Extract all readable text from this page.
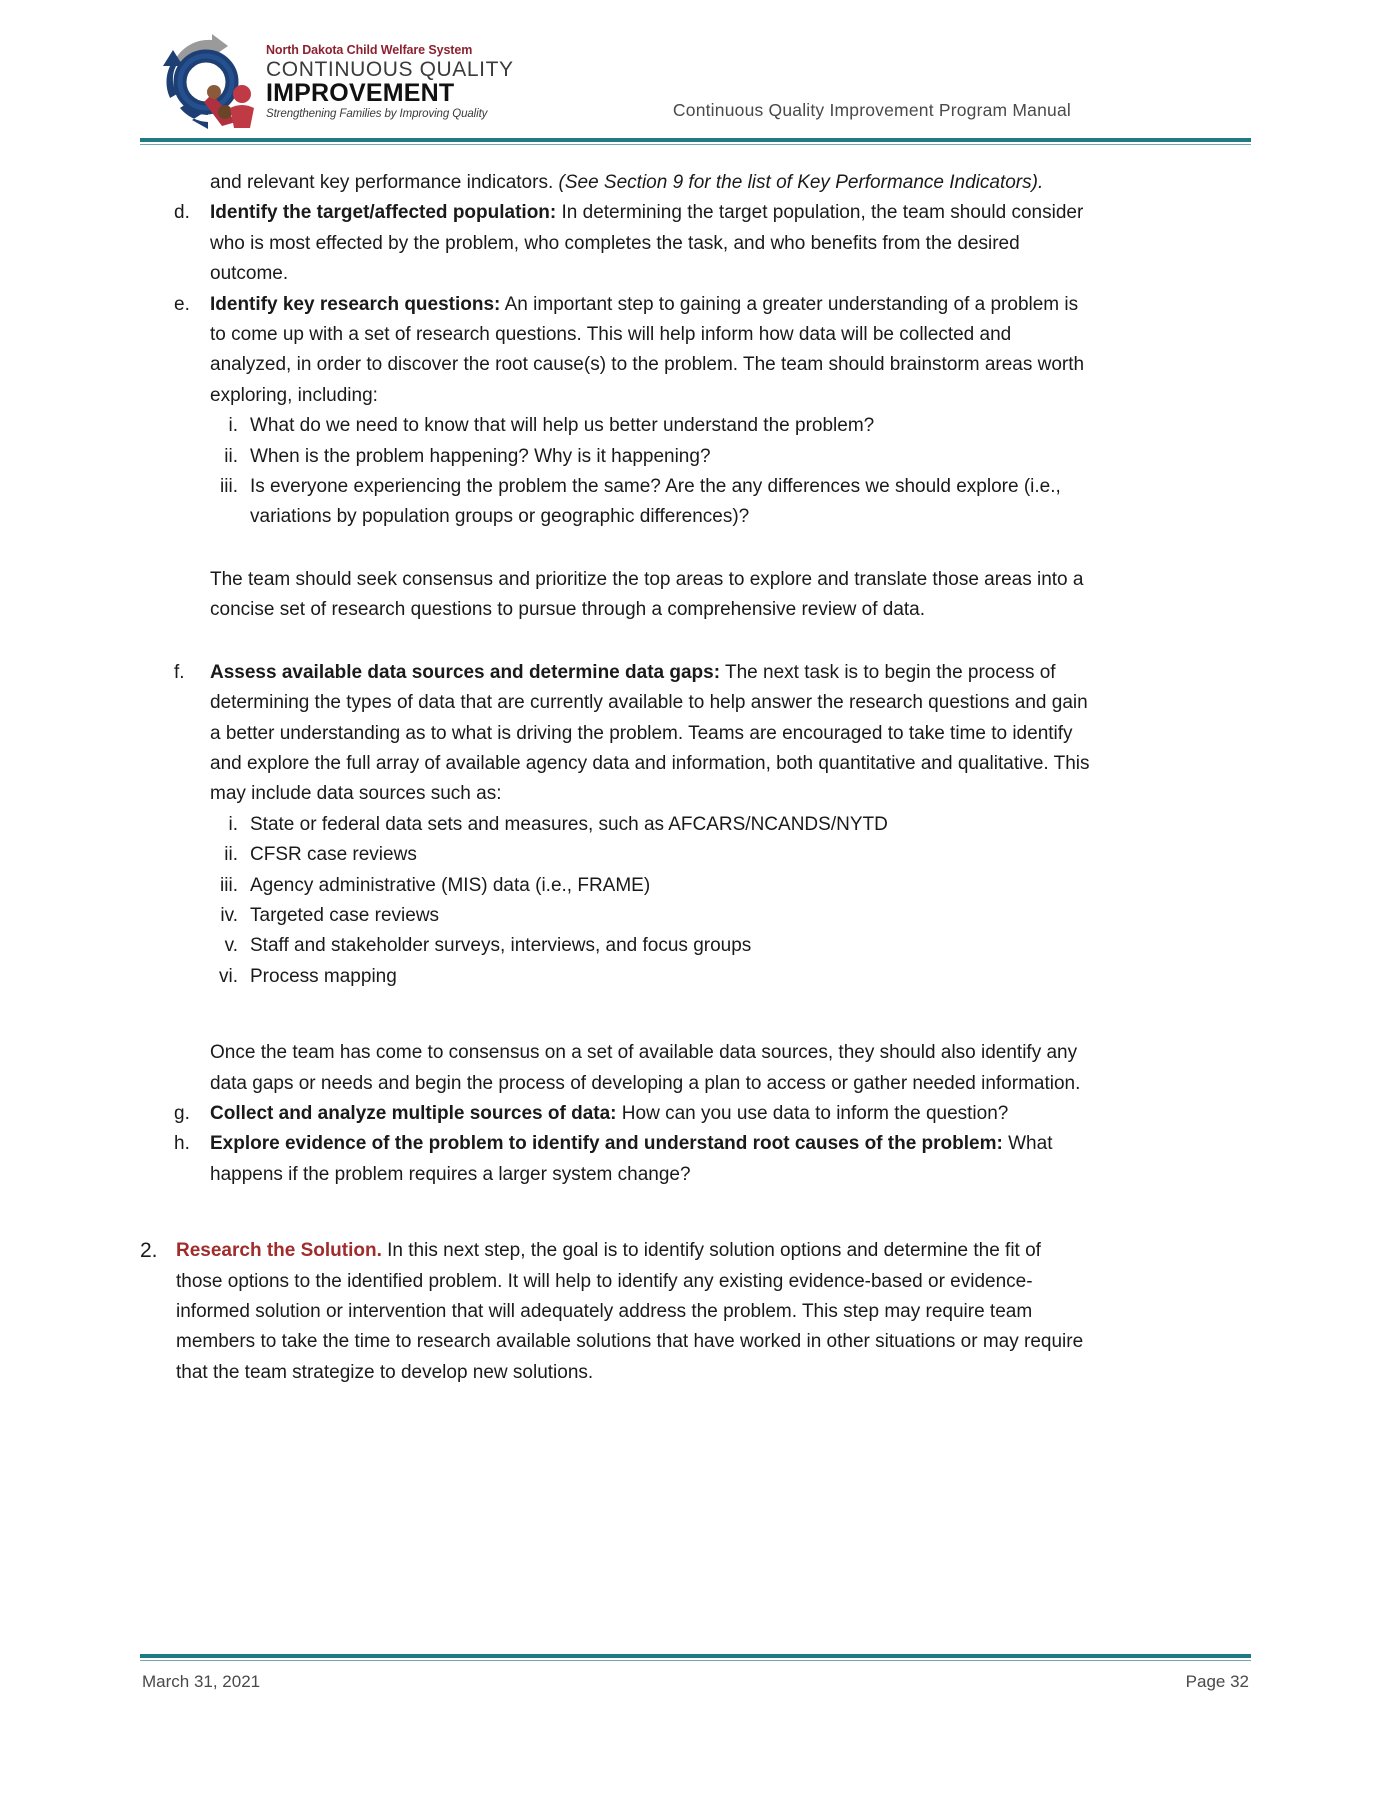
North Dakota Child Welfare System
CONTINUOUS QUALITY
IMPROVEMENT
Strengthening Families by Improving Quality	Continuous Quality Improvement Program Manual

and relevant key performance indicators. (See Section 9 for the list of Key Performance Indicators).

d.	Identify the target/affected population: In determining the target population, the team should consider who is most effected by the problem, who completes the task, and who benefits from the desired outcome.
e.	Identify key research questions: An important step to gaining a greater understanding of a problem is to come up with a set of research questions. This will help inform how data will be collected and analyzed, in order to discover the root cause(s) to the problem. The team should brainstorm areas worth exploring, including:
i. What do we need to know that will help us better understand the problem?
ii. When is the problem happening? Why is it happening?
iii. Is everyone experiencing the problem the same? Are the any differences we should explore (i.e., variations by population groups or geographic differences)?

The team should seek consensus and prioritize the top areas to explore and translate those areas into a concise set of research questions to pursue through a comprehensive review of data.

f.	Assess available data sources and determine data gaps: The next task is to begin the process of determining the types of data that are currently available to help answer the research questions and gain a better understanding as to what is driving the problem. Teams are encouraged to take time to identify and explore the full array of available agency data and information, both quantitative and qualitative. This may include data sources such as:
i. State or federal data sets and measures, such as AFCARS/NCANDS/NYTD
ii. CFSR case reviews
iii. Agency administrative (MIS) data (i.e., FRAME)
iv. Targeted case reviews
v. Staff and stakeholder surveys, interviews, and focus groups
vi. Process mapping

Once the team has come to consensus on a set of available data sources, they should also identify any data gaps or needs and begin the process of developing a plan to access or gather needed information.

g.	Collect and analyze multiple sources of data: How can you use data to inform the question?
h.	Explore evidence of the problem to identify and understand root causes of the problem: What happens if the problem requires a larger system change?
2. Research the Solution. In this next step, the goal is to identify solution options and determine the fit of those options to the identified problem. It will help to identify any existing evidence-based or evidence-informed solution or intervention that will adequately address the problem. This step may require team members to take the time to research available solutions that have worked in other situations or may require that the team strategize to develop new solutions.
March 31, 2021	Page 32
